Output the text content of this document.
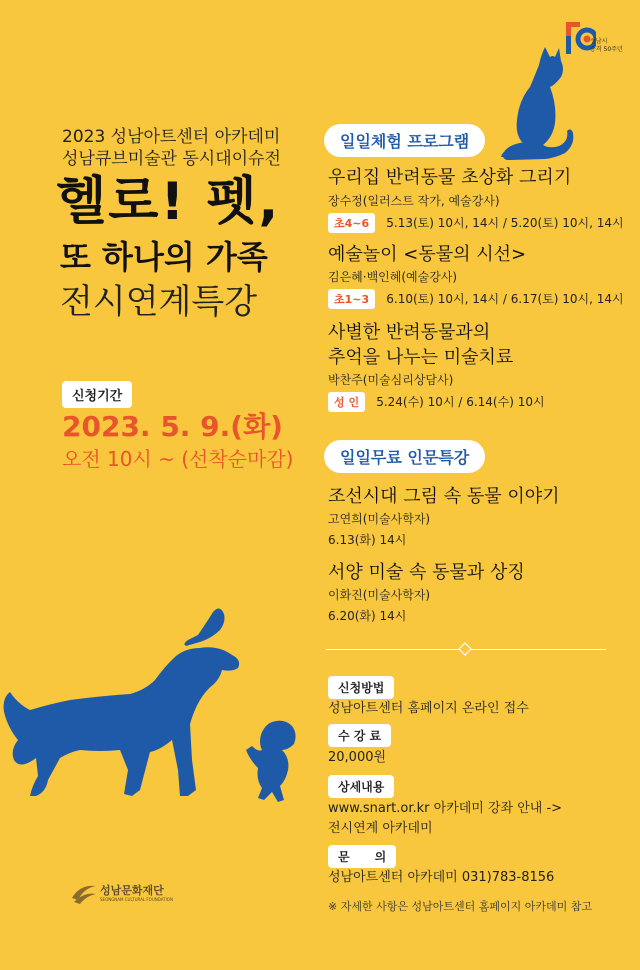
성남시
승격 50주년
2023 성남아트센터 아카데미
성남큐브미술관 동시대이슈전
헬로! 펫,
또 하나의 가족
전시연계특강
신청기간
2023. 5. 9.(화)
오전 10시 ~ (선착순마감)
일일체험 프로그램
우리집 반려동물 초상화 그리기
장수정(일러스트 작가, 예술강사)
초4~6 5.13(토) 10시, 14시 / 5.20(토) 10시, 14시
예술놀이 <동물의 시선>
김은혜·백인혜(예술강사)
초1~3 6.10(토) 10시, 14시 / 6.17(토) 10시, 14시
사별한 반려동물과의
추억을 나누는 미술치료
박찬주(미술심리상담사)
성 인 5.24(수) 10시 / 6.14(수) 10시
일일무료 인문특강
조선시대 그림 속 동물 이야기
고연희(미술사학자)
6.13(화) 14시
서양 미술 속 동물과 상징
이화진(미술사학자)
6.20(화) 14시
신청방법
성남아트센터 홈페이지 온라인 접수
수 강 료
20,000원
상세내용
www.snart.or.kr 아카데미 강좌 안내 ->
전시연계 아카데미
문      의
성남아트센터 아카데미 031)783-8156
※ 자세한 사항은 성남아트센터 홈페이지 아카데미 참고
성남문화재단
SEONGNAM CULTURAL FOUNDATION
